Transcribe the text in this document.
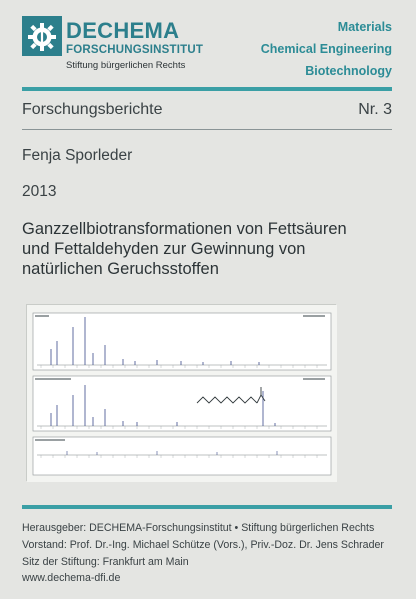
DECHEMA
FORSCHUNGSINSTITUT
Stiftung bürgerlichen Rechts
Materials
Chemical Engineering
Biotechnology
Forschungsberichte	Nr. 3
Fenja Sporleder
2013
Ganzzellbiotransformationen von Fettsäuren
und Fettaldehyden zur Gewinnung von
natürlichen Geruchsstoffen
Herausgeber: DECHEMA-Forschungsinstitut • Stiftung bürgerlichen Rechts
Vorstand: Prof. Dr.-Ing. Michael Schütze (Vors.), Priv.-Doz. Dr. Jens Schrader
Sitz der Stiftung: Frankfurt am Main
www.dechema-dfi.de
